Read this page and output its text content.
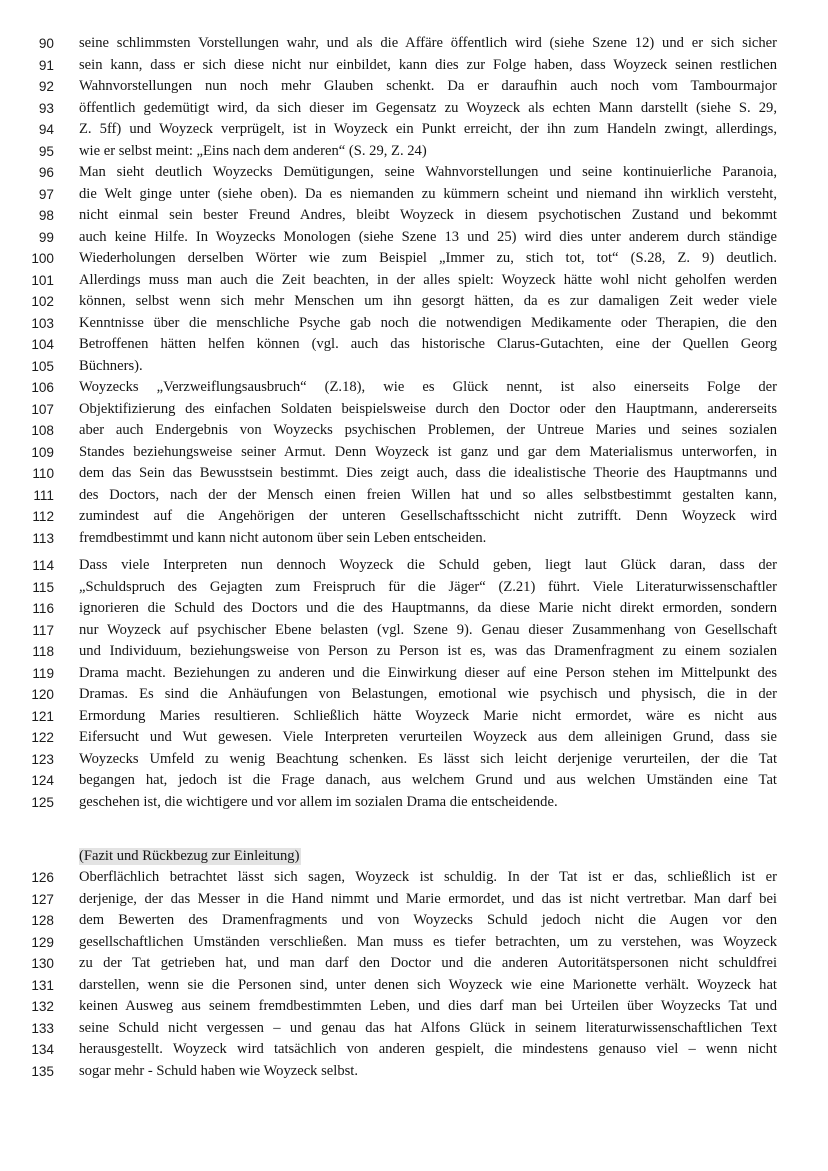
90 seine schlimmsten Vorstellungen wahr, und als die Affäre öffentlich wird (siehe Szene 12) und er sich sicher
91 sein kann, dass er sich diese nicht nur einbildet, kann dies zur Folge haben, dass Woyzeck seinen restlichen
92 Wahnvorstellungen nun noch mehr Glauben schenkt. Da er daraufhin auch noch vom Tambourmajor
93 öffentlich gedemütigt wird, da sich dieser im Gegensatz zu Woyzeck als echten Mann darstellt (siehe S. 29,
94 Z. 5ff) und Woyzeck verprügelt, ist in Woyzeck ein Punkt erreicht, der ihn zum Handeln zwingt, allerdings,
95 wie er selbst meint: „Eins nach dem anderen“ (S. 29, Z. 24)
96 Man sieht deutlich Woyzecks Demütigungen, seine Wahnvorstellungen und seine kontinuierliche Paranoia,
97 die Welt ginge unter (siehe oben). Da es niemanden zu kümmern scheint und niemand ihn wirklich versteht,
98 nicht einmal sein bester Freund Andres, bleibt Woyzeck in diesem psychotischen Zustand und bekommt
99 auch keine Hilfe. In Woyzecks Monologen (siehe Szene 13 und 25) wird dies unter anderem durch ständige
100 Wiederholungen derselben Wörter wie zum Beispiel „Immer zu, stich tot, tot“ (S.28, Z. 9) deutlich.
101 Allerdings muss man auch die Zeit beachten, in der alles spielt: Woyzeck hätte wohl nicht geholfen werden
102 können, selbst wenn sich mehr Menschen um ihn gesorgt hätten, da es zur damaligen Zeit weder viele
103 Kenntnisse über die menschliche Psyche gab noch die notwendigen Medikamente oder Therapien, die den
104 Betroffenen hätten helfen können (vgl. auch das historische Clarus-Gutachten, eine der Quellen Georg
105 Büchners).
106 Woyzecks „Verzweiflungsausbruch“ (Z.18), wie es Glück nennt, ist also einerseits Folge der
107 Objektifizierung des einfachen Soldaten beispielsweise durch den Doctor oder den Hauptmann, andererseits
108 aber auch Endergebnis von Woyzecks psychischen Problemen, der Untreue Maries und seines sozialen
109 Standes beziehungsweise seiner Armut. Denn Woyzeck ist ganz und gar dem Materialismus unterworfen, in
110 dem das Sein das Bewusstsein bestimmt. Dies zeigt auch, dass die idealistische Theorie des Hauptmanns und
111 des Doctors, nach der der Mensch einen freien Willen hat und so alles selbstbestimmt gestalten kann,
112 zumindest auf die Angehörigen der unteren Gesellschaftsschicht nicht zutrifft. Denn Woyzeck wird
113 fremdbestimmt und kann nicht autonom über sein Leben entscheiden.
114 Dass viele Interpreten nun dennoch Woyzeck die Schuld geben, liegt laut Glück daran, dass der
115 „Schuldspruch des Gejagten zum Freispruch für die Jäger“ (Z.21) führt. Viele Literaturwissenschaftler
116 ignorieren die Schuld des Doctors und die des Hauptmanns, da diese Marie nicht direkt ermorden, sondern
117 nur Woyzeck auf psychischer Ebene belasten (vgl. Szene 9). Genau dieser Zusammenhang von Gesellschaft
118 und Individuum, beziehungsweise von Person zu Person ist es, was das Dramenfragment zu einem sozialen
119 Drama macht. Beziehungen zu anderen und die Einwirkung dieser auf eine Person stehen im Mittelpunkt des
120 Dramas. Es sind die Anhäufungen von Belastungen, emotional wie psychisch und physisch, die in der
121 Ermordung Maries resultieren. Schließlich hätte Woyzeck Marie nicht ermordet, wäre es nicht aus
122 Eifersucht und Wut gewesen. Viele Interpreten verurteilen Woyzeck aus dem alleinigen Grund, dass sie
123 Woyzecks Umfeld zu wenig Beachtung schenken. Es lässt sich leicht derjenige verurteilen, der die Tat
124 begangen hat, jedoch ist die Frage danach, aus welchem Grund und aus welchen Umständen eine Tat
125 geschehen ist, die wichtigere und vor allem im sozialen Drama die entscheidende.
(Fazit und Rückbezug zur Einleitung)
126 Oberflächlich betrachtet lässt sich sagen, Woyzeck ist schuldig. In der Tat ist er das, schließlich ist er
127 derjenige, der das Messer in die Hand nimmt und Marie ermordet, und das ist nicht vertretbar. Man darf bei
128 dem Bewerten des Dramenfragments und von Woyzecks Schuld jedoch nicht die Augen vor den
129 gesellschaftlichen Umständen verschließen. Man muss es tiefer betrachten, um zu verstehen, was Woyzeck
130 zu der Tat getrieben hat, und man darf den Doctor und die anderen Autoritätspersonen nicht schuldfrei
131 darstellen, wenn sie die Personen sind, unter denen sich Woyzeck wie eine Marionette verhält. Woyzeck hat
132 keinen Ausweg aus seinem fremdbestimmten Leben, und dies darf man bei Urteilen über Woyzecks Tat und
133 seine Schuld nicht vergessen – und genau das hat Alfons Glück in seinem literaturwissenschaftlichen Text
134 herausgestellt. Woyzeck wird tatsächlich von anderen gespielt, die mindestens genauso viel – wenn nicht
135 sogar mehr - Schuld haben wie Woyzeck selbst.
